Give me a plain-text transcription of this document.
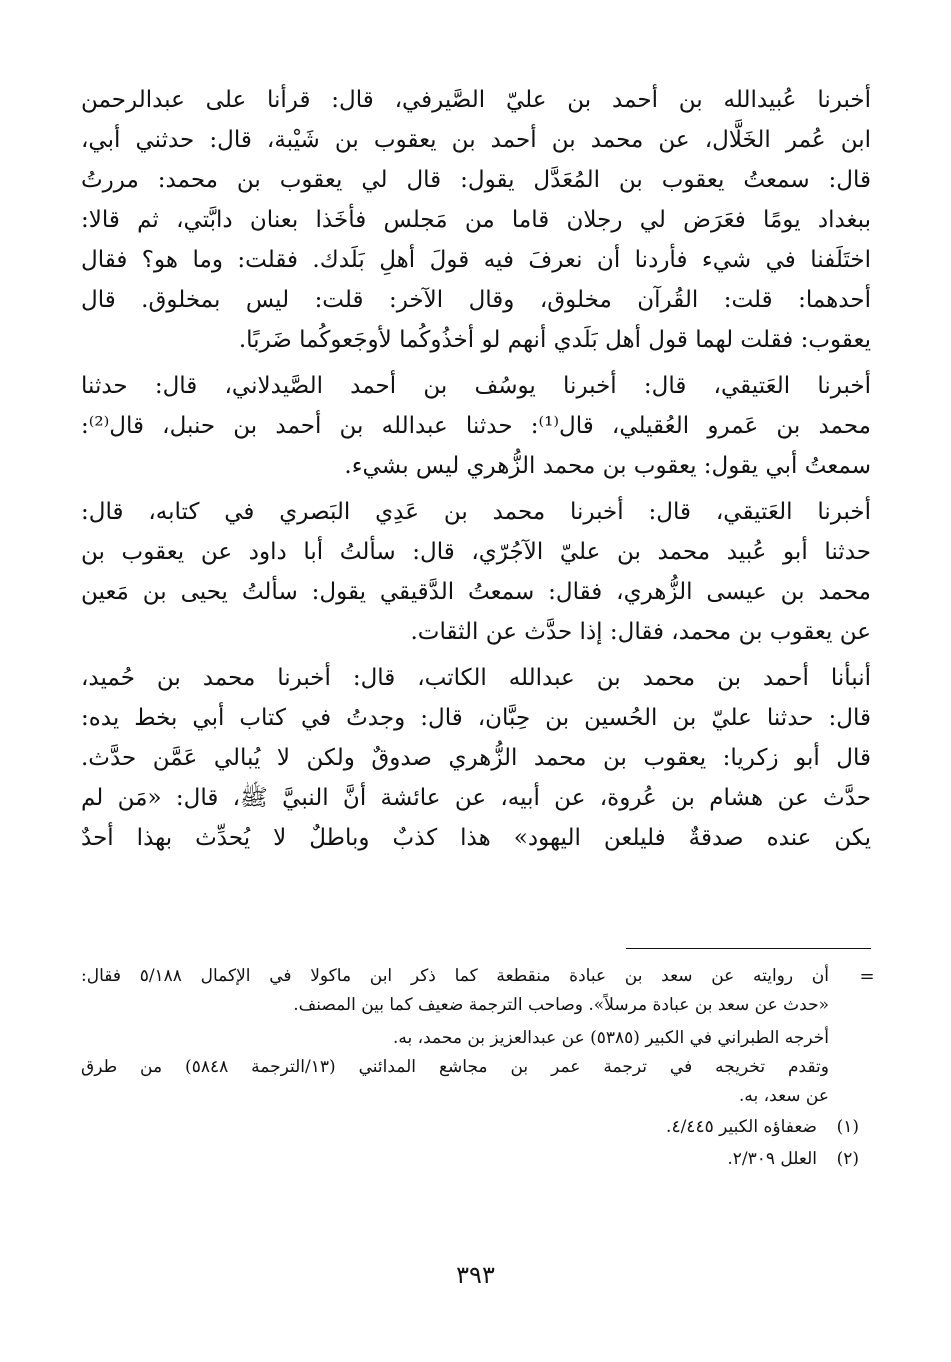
أخبرنا عُبيدالله بن أحمد بن عليّ الصَّيرفي، قال: قرأنا على عبدالرحمن
ابن عُمر الخَلَّال، عن محمد بن أحمد بن يعقوب بن شَيْبة، قال: حدثني أبي،
قال: سمعتُ يعقوب بن المُعَدَّل يقول: قال لي يعقوب بن محمد: مررتُ
ببغداد يومًا فعَرَض لي رجلان قاما من مَجلس فأخَذا بعنان دابَّتي، ثم قالا:
اختَلَفنا في شيء فأردنا أن نعرفَ فيه قولَ أهلِ بَلَدك. فقلت: وما هو؟ فقال
أحدهما: قلت: القُرآن مخلوق، وقال الآخر: قلت: ليس بمخلوق. قال
يعقوب: فقلت لهما قول أهل بَلَدي أنهم لو أخذُوكُما لأوجَعوكُما ضَربًا.

أخبرنا العَتيقي، قال: أخبرنا يوسُف بن أحمد الصَّيدلاني، قال: حدثنا
محمد بن عَمرو العُقيلي، قال⁽¹⁾: حدثنا عبدالله بن أحمد بن حنبل، قال⁽²⁾:
سمعتُ أبي يقول: يعقوب بن محمد الزُّهري ليس بشيء.

أخبرنا العَتيقي، قال: أخبرنا محمد بن عَدِي البَصري في كتابه، قال:
حدثنا أبو عُبيد محمد بن عليّ الآجُرّي، قال: سألتُ أبا داود عن يعقوب بن
محمد بن عيسى الزُّهري، فقال: سمعتُ الدَّقيقي يقول: سألتُ يحيى بن مَعين
عن يعقوب بن محمد، فقال: إذا حدَّث عن الثقات.

أنبأنا أحمد بن محمد بن عبدالله الكاتب، قال: أخبرنا محمد بن حُميد،
قال: حدثنا عليّ بن الحُسين بن حِبَّان، قال: وجدتُ في كتاب أبي بخط يده:
قال أبو زكريا: يعقوب بن محمد الزُّهري صدوقٌ ولكن لا يُبالي عَمَّن حدَّث.
حدَّث عن هشام بن عُروة، عن أبيه، عن عائشة أنَّ النبيَّ ﷺ، قال: «مَن لم
يكن عنده صدقةٌ فليلعن اليهود» هذا كذبٌ وباطلٌ لا يُحدِّث بهذا أحدٌ

=
أن روايته عن سعد بن عبادة منقطعة كما ذكر ابن ماكولا في الإكمال ٥/١٨٨ فقال:
«حدث عن سعد بن عبادة مرسلاً». وصاحب الترجمة ضعيف كما بين المصنف.
أخرجه الطبراني في الكبير (٥٣٨٥) عن عبدالعزيز بن محمد، به.
وتقدم تخريجه في ترجمة عمر بن مجاشع المدائني (١٣/الترجمة ٥٨٤٨) من طرق
عن سعد، به.
(١)
ضعفاؤه الكبير ٤/٤٤٥.
(٢)
العلل ٢/٣٠٩.
٣٩٣
